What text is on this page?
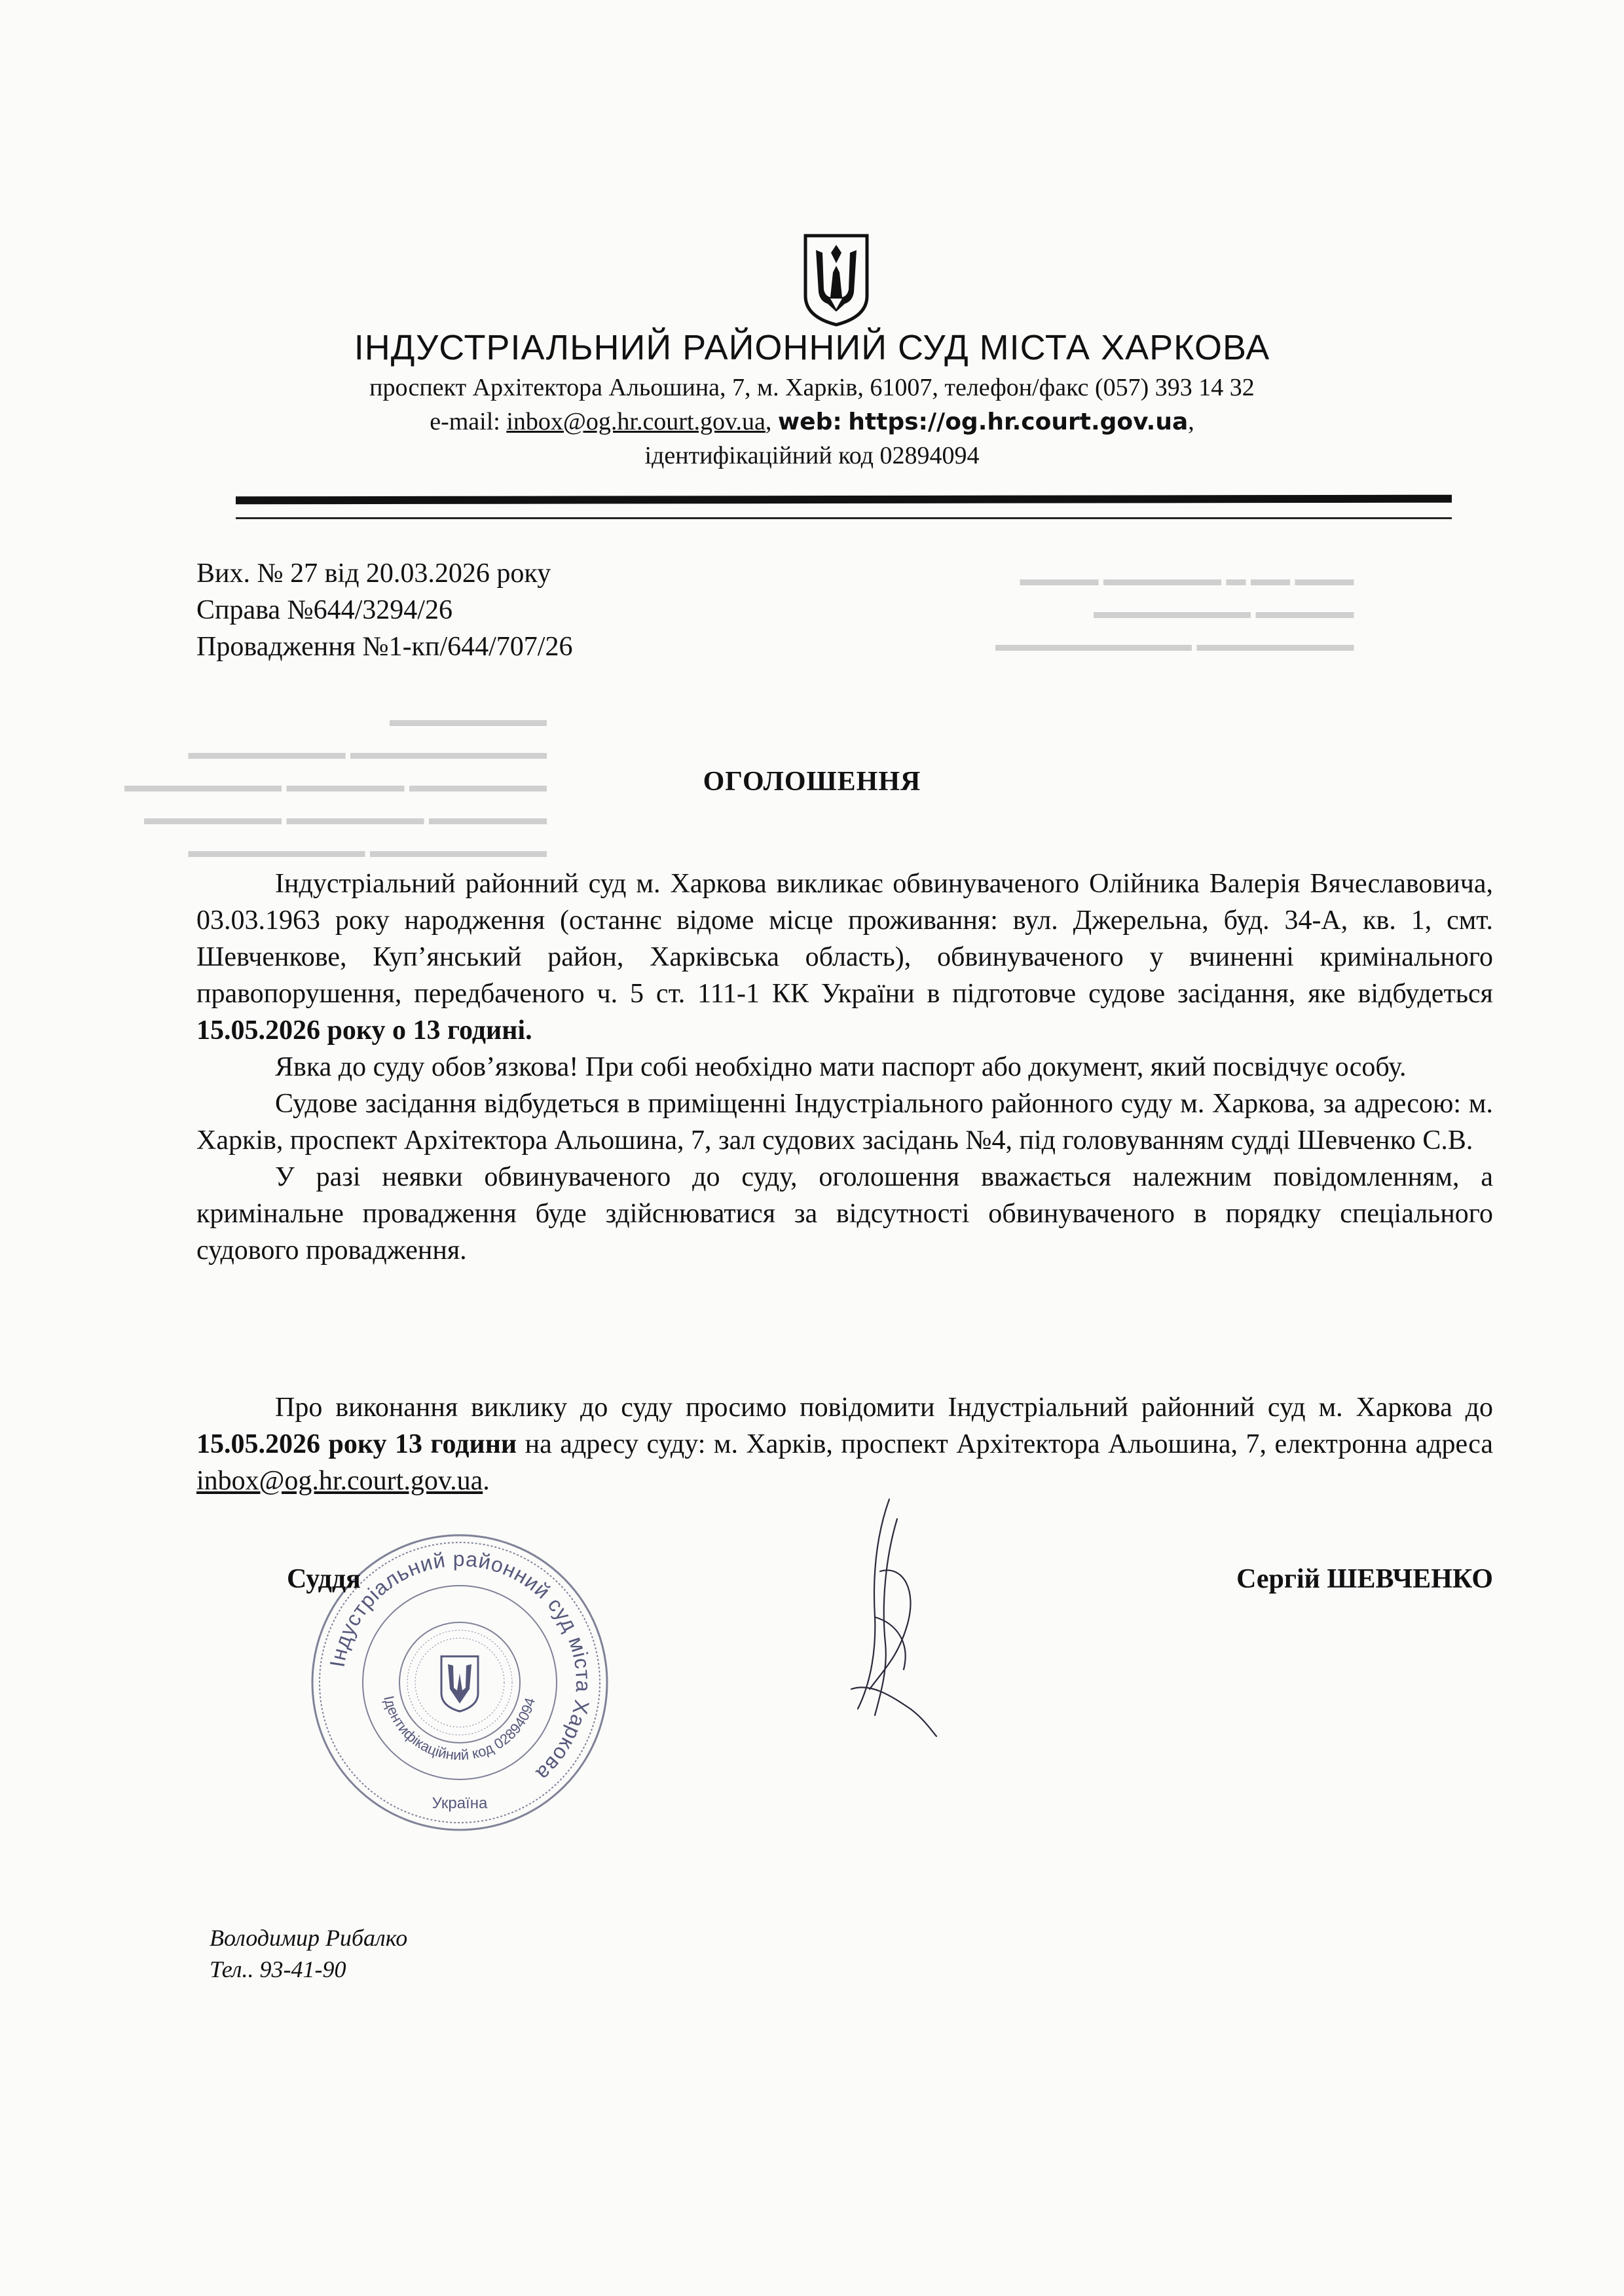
▬▬▬ ▬▬ ▬ ▬▬▬▬▬▬ ▬▬▬▬
▬▬▬▬▬ ▬▬▬▬▬▬▬▬
▬▬▬▬▬▬▬▬ ▬▬▬▬▬▬▬▬▬▬
▬▬▬▬▬▬▬▬
▬▬▬▬▬▬▬▬▬▬ ▬▬▬▬▬▬▬▬
▬▬▬▬▬▬▬ ▬▬▬▬▬▬ ▬▬▬▬▬▬▬▬
▬▬▬▬▬▬ ▬▬▬▬▬▬▬ ▬▬▬▬▬▬▬
▬▬▬▬▬▬▬▬▬ ▬▬▬▬▬▬▬▬▬
ІНДУСТРІАЛЬНИЙ РАЙОННИЙ СУД МІСТА ХАРКОВА
проспект Архітектора Альошина, 7, м. Харків, 61007, телефон/факс (057) 393 14 32
e-mail: inbox@og.hr.court.gov.ua, web: https://og.hr.court.gov.ua,
ідентифікаційний код 02894094
Вих. № 27 від 20.03.2026 року
Справа №644/3294/26
Провадження №1-кп/644/707/26
ОГОЛОШЕННЯ

Індустріальний районний суд м. Харкова викликає обвинуваченого Олійника Валерія Вячеславовича, 03.03.1963 року народження (останнє відоме місце проживання: вул. Джерельна, буд. 34-А, кв. 1, смт. Шевченкове, Куп’янський район, Харківська область), обвинуваченого у вчиненні кримінального правопорушення, передбаченого ч. 5 ст. 111-1 КК України в підготовче судове засідання, яке відбудеться 15.05.2026 року о 13 годині.

Явка до суду обов’язкова! При собі необхідно мати паспорт або документ, який посвідчує особу.

Судове засідання відбудеться в приміщенні Індустріального районного суду м. Харкова, за адресою: м. Харків, проспект Архітектора Альошина, 7, зал судових засідань №4, під головуванням судді Шевченко С.В.

У разі неявки обвинуваченого до суду, оголошення вважається належним повідомленням, а кримінальне провадження буде здійснюватися за відсутності обвинуваченого в порядку спеціального судового провадження.

Про виконання виклику до суду просимо повідомити Індустріальний районний суд м. Харкова до 15.05.2026 року 13 години на адресу суду: м. Харків, проспект Архітектора Альошина, 7, електронна адреса inbox@og.hr.court.gov.ua.

Індустріальний районний суд міста Харкова
Ідентифікаційний код 02894094
Україна
Суддя	Сергій ШЕВЧЕНКО
Володимир Рибалко
Тел.. 93-41-90
